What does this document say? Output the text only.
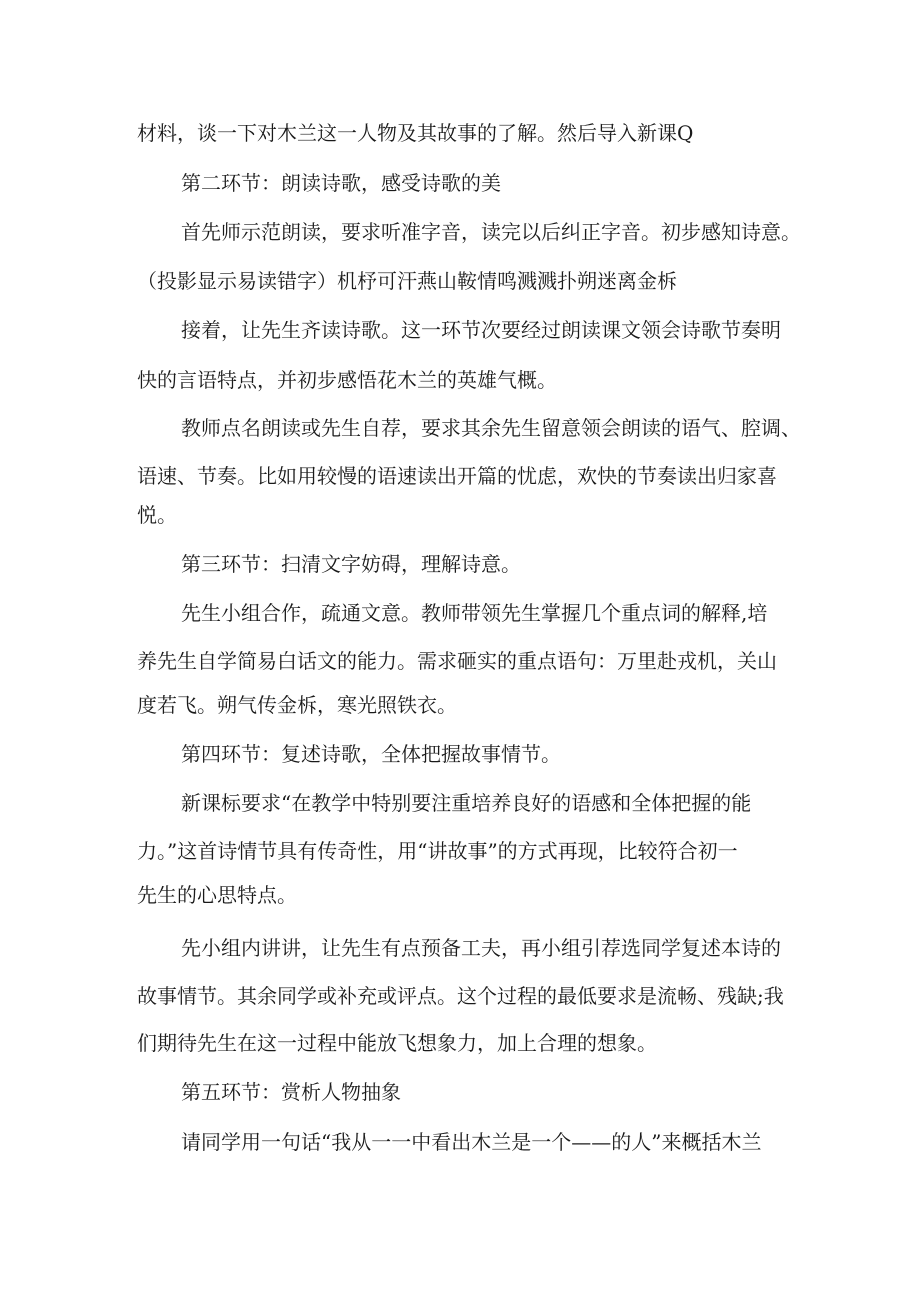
材料，谈一下对木兰这一人物及其故事的了解。然后导入新课Q
第二环节：朗读诗歌，感受诗歌的美
首先师示范朗读，要求听准字音，读完以后纠正字音。初步感知诗意。
（投影显示易读错字）机杼可汗燕山鞍情鸣溅溅扑朔迷离金柝
接着，让先生齐读诗歌。这一环节次要经过朗读课文领会诗歌节奏明
快的言语特点，并初步感悟花木兰的英雄气概。
教师点名朗读或先生自荐，要求其余先生留意领会朗读的语气、腔调、
语速、节奏。比如用较慢的语速读出开篇的忧虑，欢快的节奏读出归家喜
悦。
第三环节：扫清文字妨碍，理解诗意。
先生小组合作，疏通文意。教师带领先生掌握几个重点词的解释,培
养先生自学简易白话文的能力。需求砸实的重点语句：万里赴戎机，关山
度若飞。朔气传金柝，寒光照铁衣。
第四环节：复述诗歌，全体把握故事情节。
新课标要求“在教学中特别要注重培养良好的语感和全体把握的能
力。”这首诗情节具有传奇性，用“讲故事”的方式再现，比较符合初一
先生的心思特点。
先小组内讲讲，让先生有点预备工夫，再小组引荐选同学复述本诗的
故事情节。其余同学或补充或评点。这个过程的最低要求是流畅、残缺;我
们期待先生在这一过程中能放飞想象力，加上合理的想象。
第五环节：赏析人物抽象
请同学用一句话“我从一一中看出木兰是一个——的人”来概括木兰
